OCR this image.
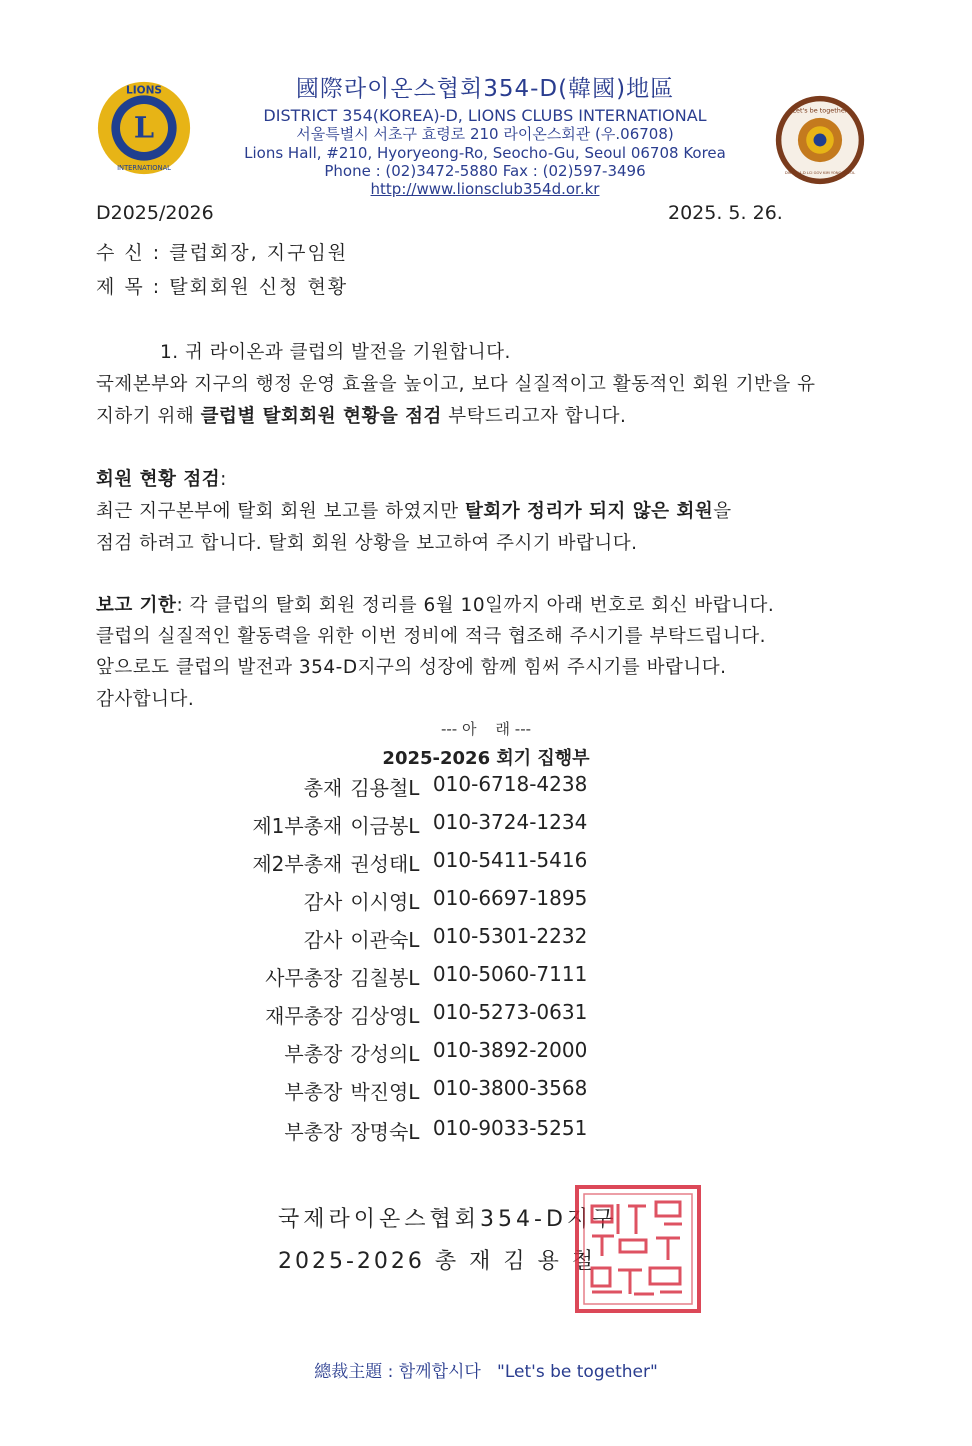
L
LIONS
INTERNATIONAL
國際라이온스협회354-D(韓國)地區
DISTRICT 354(KOREA)-D, LIONS CLUBS INTERNATIONAL
서울특별시 서초구 효령로 210 라이온스회관 (우.06708)
Lions Hall, #210, Hyoryeong-Ro, Seocho-Gu, Seoul 06708 Korea
Phone : (02)3472-5880 Fax : (02)597-3496
http://www.lionsclub354d.or.kr
Let's be together
DIST 354-D LCI GOV KIM YONG CHEOL
D2025/2026	2025. 5. 26.
수 신 : 클럽회장, 지구임원
제 목 : 탈회회원 신청 현황
1. 귀 라이온과 클럽의 발전을 기원합니다.
국제본부와 지구의 행정 운영 효율을 높이고, 보다 실질적이고 활동적인 회원 기반을 유
지하기 위해 클럽별 탈회회원 현황을 점검 부탁드리고자 합니다.
회원 현황 점검:
최근 지구본부에 탈회 회원 보고를 하였지만 탈회가 정리가 되지 않은 회원을
점검 하려고 합니다. 탈회 회원 상황을 보고하여 주시기 바랍니다.
보고 기한: 각 클럽의 탈회 회원 정리를 6월 10일까지 아래 번호로 회신 바랍니다.
클럽의 실질적인 활동력을 위한 이번 정비에 적극 협조해 주시기를 부탁드립니다.
앞으로도 클럽의 발전과 354-D지구의 성장에 함께 힘써 주시기를 바랍니다.
감사합니다.
--- 아    래 ---
2025-2026 회기 집행부
총재 김용철L 010-6718-4238
제1부총재 이금봉L 010-3724-1234
제2부총재 권성태L 010-5411-5416
감사 이시영L 010-6697-1895
감사 이관숙L 010-5301-2232
사무총장 김칠봉L 010-5060-7111
재무총장 김상영L 010-5273-0631
부총장 강성의L 010-3892-2000
부총장 박진영L 010-3800-3568
부총장 장명숙L 010-9033-5251
국제라이온스협회354-D지구
2025-2026 총 재 김 용 철
總裁主題 : 함께합시다   "Let's be together"
